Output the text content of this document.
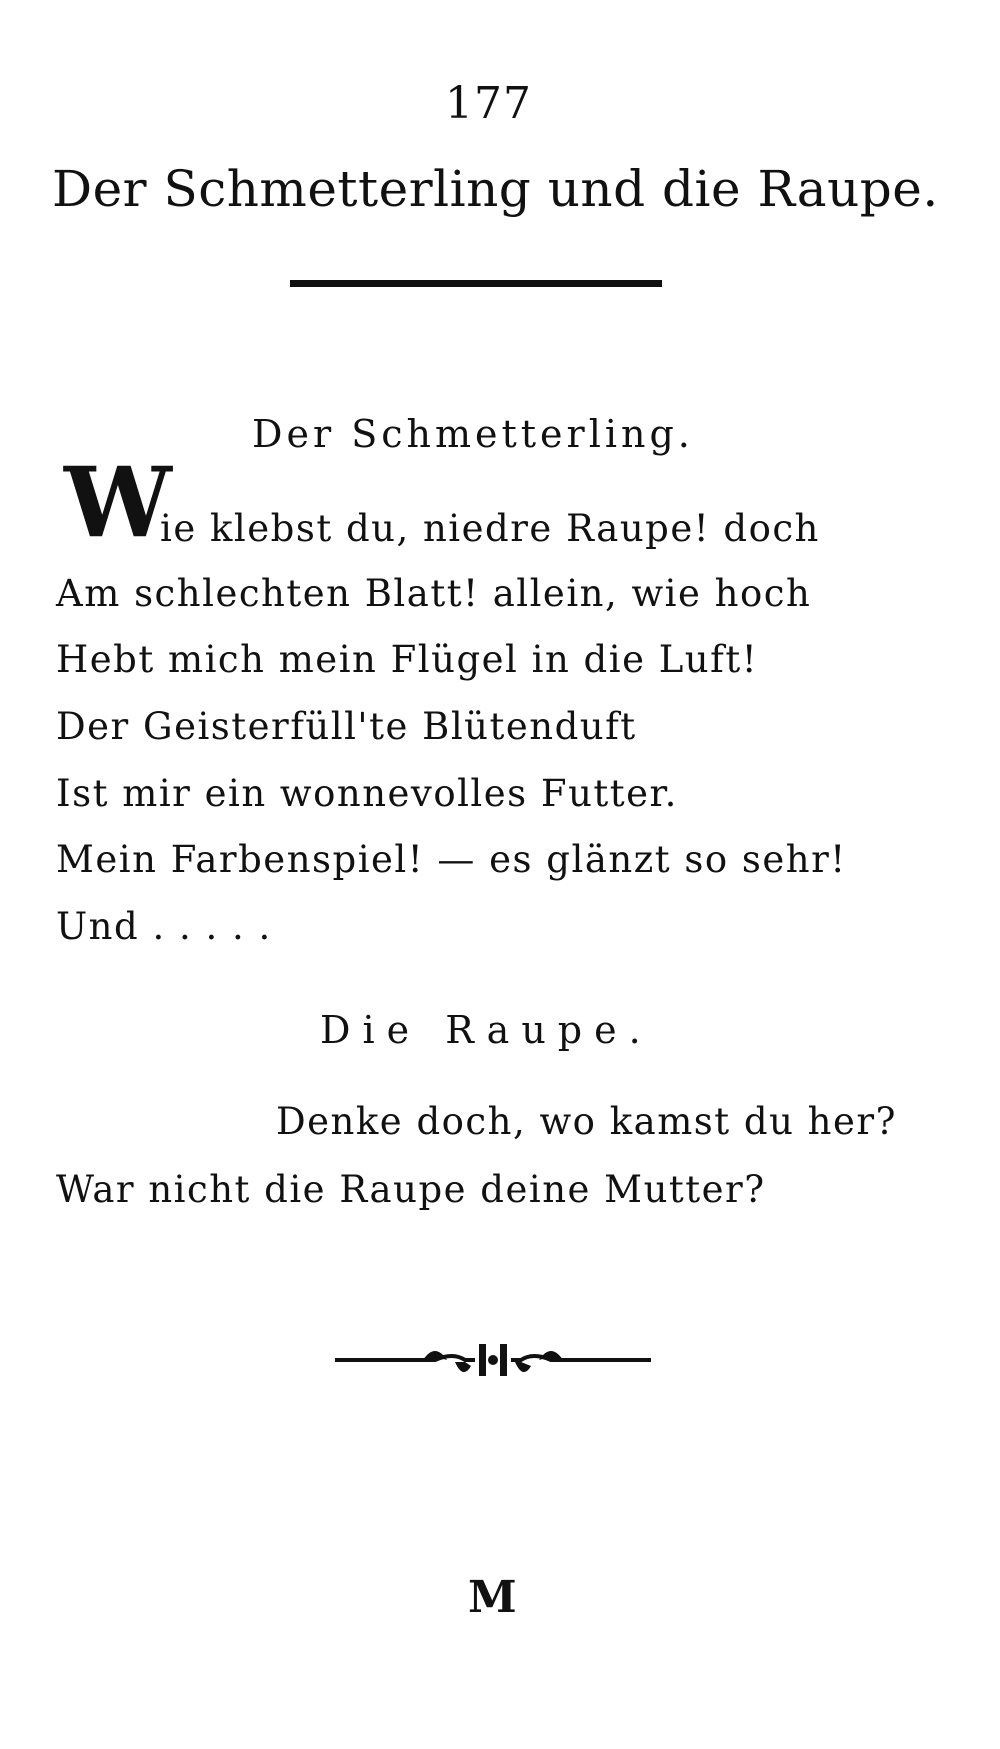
177
Der Schmetterling und die Raupe.
Der Schmetterling.
W
ie klebst du, niedre Raupe! doch
Am schlechten Blatt! allein, wie hoch
Hebt mich mein Flügel in die Luft!
Der Geisterfüll'te Blütenduft
Ist mir ein wonnevolles Futter.
Mein Farbenspiel! — es glänzt so sehr!
Und . . . . .
Die Raupe.
Denke doch, wo kamst du her?
War nicht die Raupe deine Mutter?
M
